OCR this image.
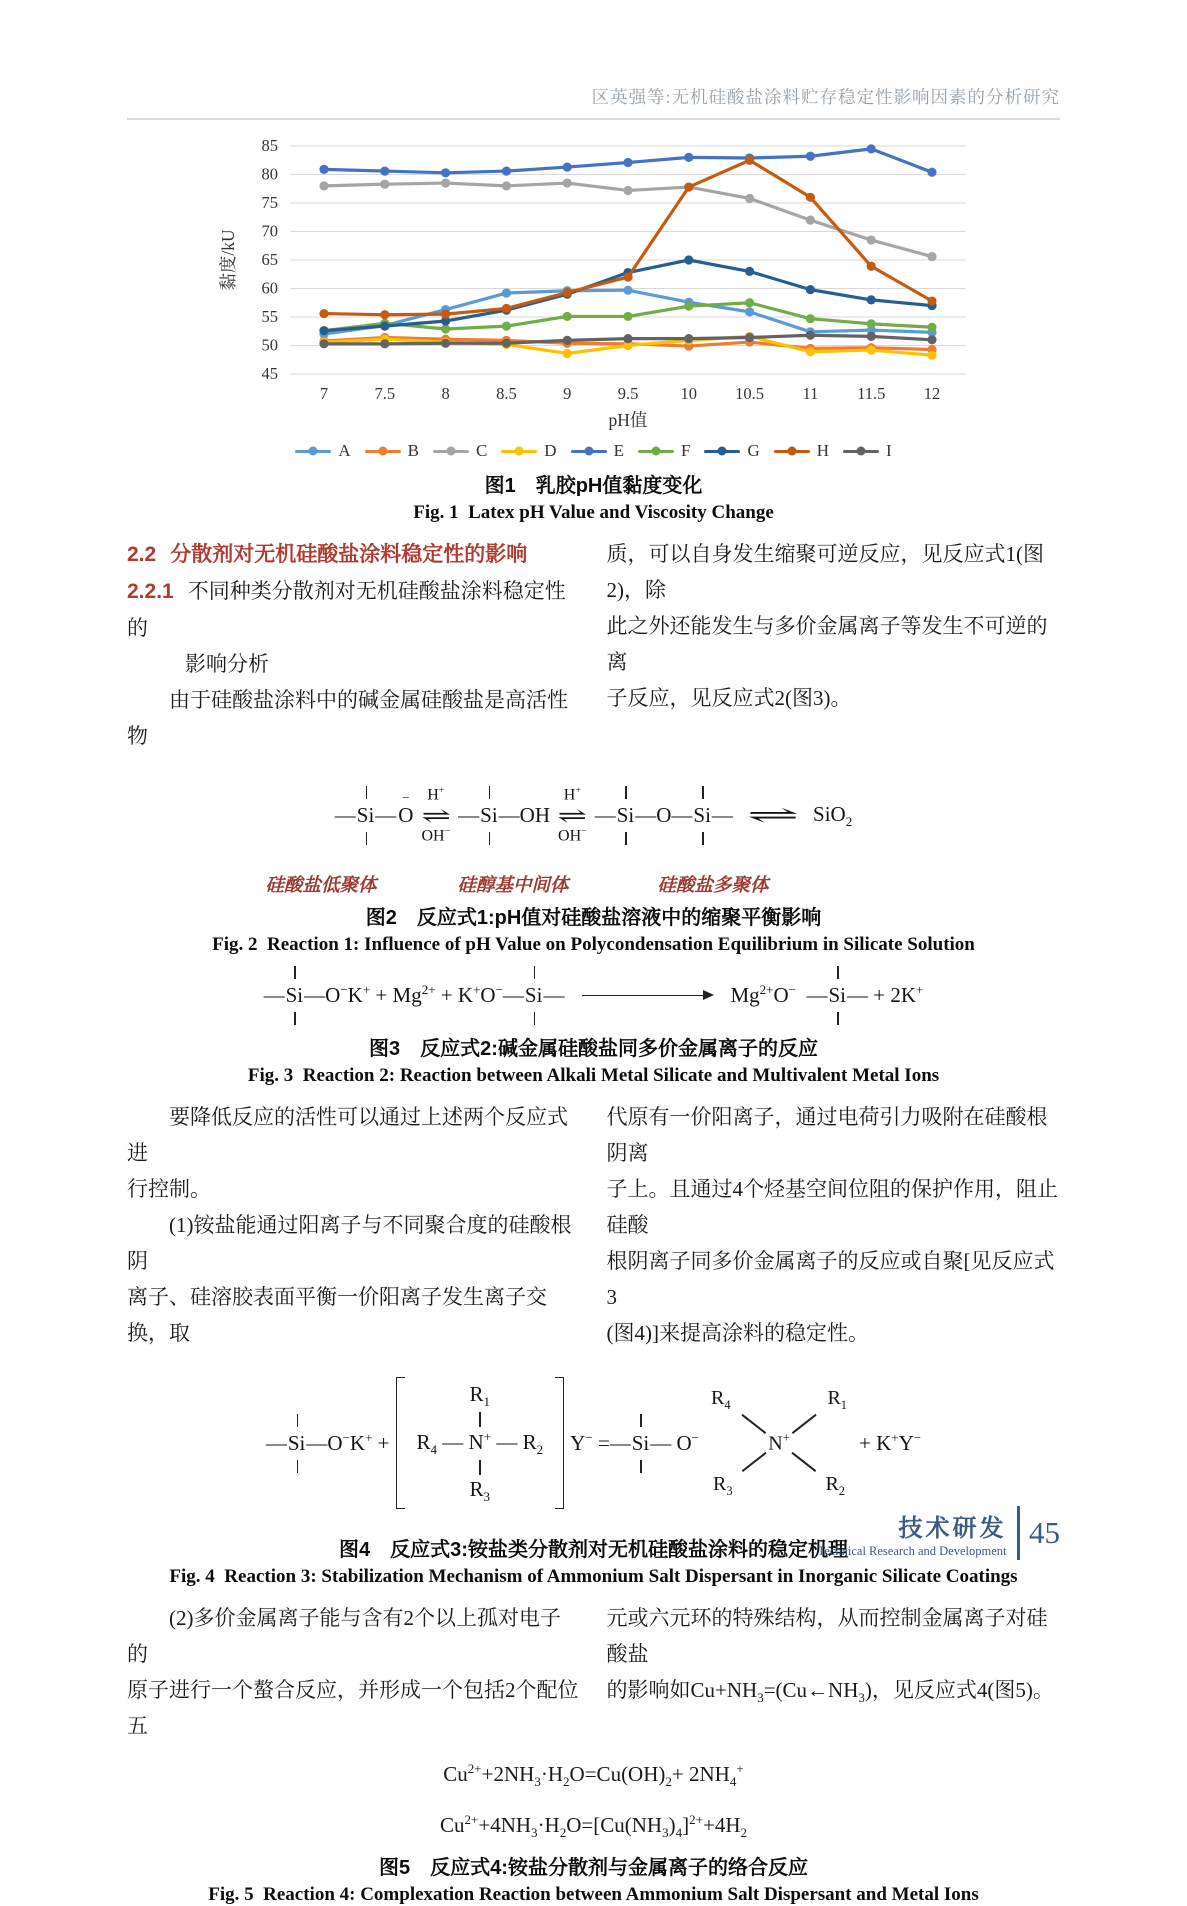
区英强等:无机硅酸盐涂料贮存稳定性影响因素的分析研究
45
50
55
60
65
70
75
80
85
7	7.5	8	8.5	9	9.5	10 10.5 11 11.5 12
pH值
黏度/kU
A	B	C	D	E	F	G	H	I
图1　乳胶pH值黏度变化
Fig. 1 Latex pH Value and Viscosity Change
2.2 分散剂对无机硅酸盐涂料稳定性的影响
2.2.1 不同种类分散剂对无机硅酸盐涂料稳定性的
影响分析
由于硅酸盐涂料中的碱金属硅酸盐是高活性物
质，可以自身发生缩聚可逆反应，见反应式1(图2)，除
此之外还能发生与多价金属离子等发生不可逆的离
子反应，见反应式2(图3)。
— Si —
−
O
H+
⇌
OH−
— Si — OH
H+
⇌
OH−
— Si — O — Si — ⇌ SiO$_2$
硅酸盐低聚体	硅醇基中间体	硅酸盐多聚体
图2　反应式1:pH值对硅酸盐溶液中的缩聚平衡影响
Fig. 2 Reaction 1: Influence of pH Value on Polycondensation Equilibrium in Silicate Solution
— Si — $O^-K^+ + Mg^{2+} + K^+O^-$ — Si —	$Mg^{2+}O^-$
— Si —
+ 2K+
图3　反应式2:碱金属硅酸盐同多价金属离子的反应
Fig. 3 Reaction 2: Reaction between Alkali Metal Silicate and Multivalent Metal Ions
要降低反应的活性可以通过上述两个反应式进
行控制。
(1)铵盐能通过阳离子与不同聚合度的硅酸根阴
离子、硅溶胶表面平衡一价阳离子发生离子交换，取
代原有一价阳离子，通过电荷引力吸附在硅酸根阴离
子上。且通过4个烃基空间位阻的保护作用，阻止硅酸
根阴离子同多价金属离子的反应或自聚[见反应式3
(图4)]来提高涂料的稳定性。
— Si — O−K+ +
$R_1$
$R_4$ — N+ — $R_2$
$R_3$
Y− = — Si —
O−
$R_4$	$R_1$
$R_3$	$R_2$
N+	+ K+Y−
图4　反应式3:铵盐类分散剂对无机硅酸盐涂料的稳定机理
Fig. 4 Reaction 3: Stabilization Mechanism of Ammonium Salt Dispersant in Inorganic Silicate Coatings
(2)多价金属离子能与含有2个以上孤对电子的
原子进行一个螯合反应，并形成一个包括2个配位五
元或六元环的特殊结构，从而控制金属离子对硅酸盐
的影响如$Cu+NH_3=(Cu\leftarrow NH_3)$，见反应式4(图5)。
$Cu^{2+}+2NH_3\cdot H_2O=Cu(OH)_2+ 2NH_4^+$
$Cu^{2+}+4NH_3\cdot H_2O=[Cu(NH_3)_4]^{2+}+4H_2$
图5　反应式4:铵盐分散剂与金属离子的络合反应
Fig. 5 Reaction 4: Complexation Reaction between Ammonium Salt Dispersant and Metal Ions
技术研发
Technical Research and Development
45
